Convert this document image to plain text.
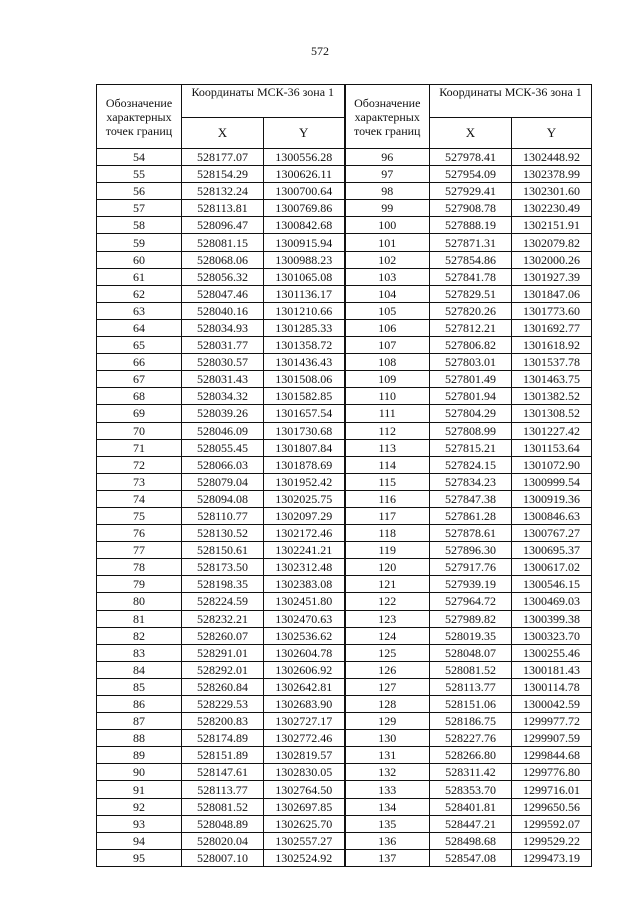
572
Обозначение характерных точек границ	Координаты МСК-36 зона 1		Обозначение характерных точек границ	Координаты МСК-36 зона 1	
	X	Y		X	Y
54	528177.07	1300556.28	96	527978.41	1302448.92
55	528154.29	1300626.11	97	527954.09	1302378.99
56	528132.24	1300700.64	98	527929.41	1302301.60
57	528113.81	1300769.86	99	527908.78	1302230.49
58	528096.47	1300842.68	100	527888.19	1302151.91
59	528081.15	1300915.94	101	527871.31	1302079.82
60	528068.06	1300988.23	102	527854.86	1302000.26
61	528056.32	1301065.08	103	527841.78	1301927.39
62	528047.46	1301136.17	104	527829.51	1301847.06
63	528040.16	1301210.66	105	527820.26	1301773.60
64	528034.93	1301285.33	106	527812.21	1301692.77
65	528031.77	1301358.72	107	527806.82	1301618.92
66	528030.57	1301436.43	108	527803.01	1301537.78
67	528031.43	1301508.06	109	527801.49	1301463.75
68	528034.32	1301582.85	110	527801.94	1301382.52
69	528039.26	1301657.54	111	527804.29	1301308.52
70	528046.09	1301730.68	112	527808.99	1301227.42
71	528055.45	1301807.84	113	527815.21	1301153.64
72	528066.03	1301878.69	114	527824.15	1301072.90
73	528079.04	1301952.42	115	527834.23	1300999.54
74	528094.08	1302025.75	116	527847.38	1300919.36
75	528110.77	1302097.29	117	527861.28	1300846.63
76	528130.52	1302172.46	118	527878.61	1300767.27
77	528150.61	1302241.21	119	527896.30	1300695.37
78	528173.50	1302312.48	120	527917.76	1300617.02
79	528198.35	1302383.08	121	527939.19	1300546.15
80	528224.59	1302451.80	122	527964.72	1300469.03
81	528232.21	1302470.63	123	527989.82	1300399.38
82	528260.07	1302536.62	124	528019.35	1300323.70
83	528291.01	1302604.78	125	528048.07	1300255.46
84	528292.01	1302606.92	126	528081.52	1300181.43
85	528260.84	1302642.81	127	528113.77	1300114.78
86	528229.53	1302683.90	128	528151.06	1300042.59
87	528200.83	1302727.17	129	528186.75	1299977.72
88	528174.89	1302772.46	130	528227.76	1299907.59
89	528151.89	1302819.57	131	528266.80	1299844.68
90	528147.61	1302830.05	132	528311.42	1299776.80
91	528113.77	1302764.50	133	528353.70	1299716.01
92	528081.52	1302697.85	134	528401.81	1299650.56
93	528048.89	1302625.70	135	528447.21	1299592.07
94	528020.04	1302557.27	136	528498.68	1299529.22
95	528007.10	1302524.92	137	528547.08	1299473.19
